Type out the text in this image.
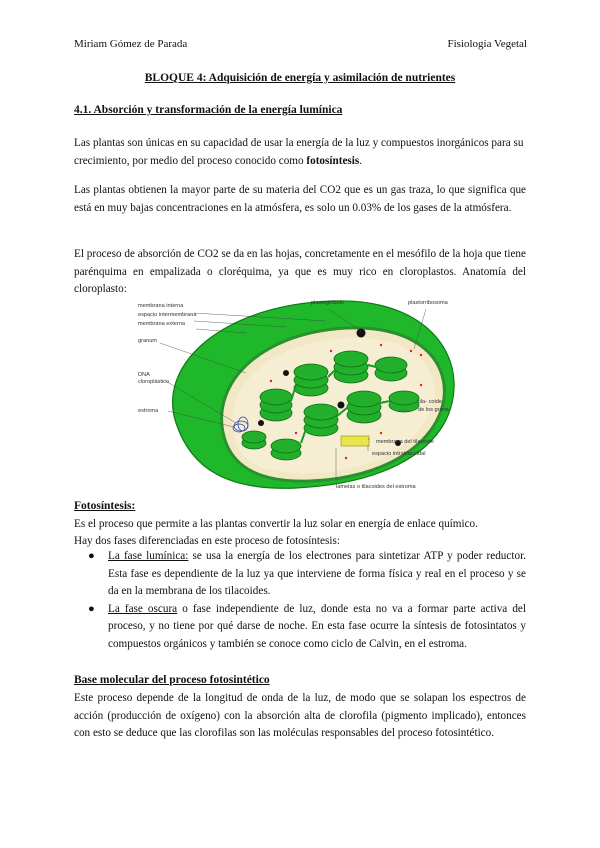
Miriam Gómez de Parada	Fisiología Vegetal
BLOQUE 4: Adquisición de energía y asimilación de nutrientes
4.1. Absorción y transformación de la energía lumínica
Las plantas son únicas en su capacidad de usar la energía de la luz y compuestos inorgánicos para su crecimiento, por medio del proceso conocido como fotosíntesis.
Las plantas obtienen la mayor parte de su materia del CO2 que es un gas traza, lo que significa que está en muy bajas concentraciones en la atmósfera, es solo un 0.03% de los gases de la atmósfera.
El proceso de absorción de CO2 se da en las hojas, concretamente en el mesófilo de la hoja que tiene parénquima en empalizada o cloréquima, ya que es muy rico en cloroplastos. Anatomía del cloroplasto:
membrana interna
espacio intermembrana
membrana externa
granum
DNA
cloroplástico
estroma
plastoglóbulo	plastorribosoma
tila- coide
de los grana
membrana del tilacoide
espacio intratilacoidal
lamelas o tilacoides del estroma
Fotosíntesis:
Es el proceso que permite a las plantas convertir la luz solar en energía de enlace químico.
Hay dos fases diferenciadas en este proceso de fotosíntesis:
● La fase lumínica: se usa la energía de los electrones para sintetizar ATP y poder reductor. Esta fase es dependiente de la luz ya que interviene de forma física y real en el proceso y se da en la membrana de los tilacoides.
● La fase oscura o fase independiente de luz, donde esta no va a formar parte activa del proceso, y no tiene por qué darse de noche. En esta fase ocurre la síntesis de fotosintatos y compuestos orgánicos y también se conoce como ciclo de Calvin, en el estroma.
Base molecular del proceso fotosintético
Este proceso depende de la longitud de onda de la luz, de modo que se solapan los espectros de acción (producción de oxígeno) con la absorción alta de clorofila (pigmento implicado), entonces con esto se deduce que las clorofilas son las moléculas responsables del proceso fotosintético.
